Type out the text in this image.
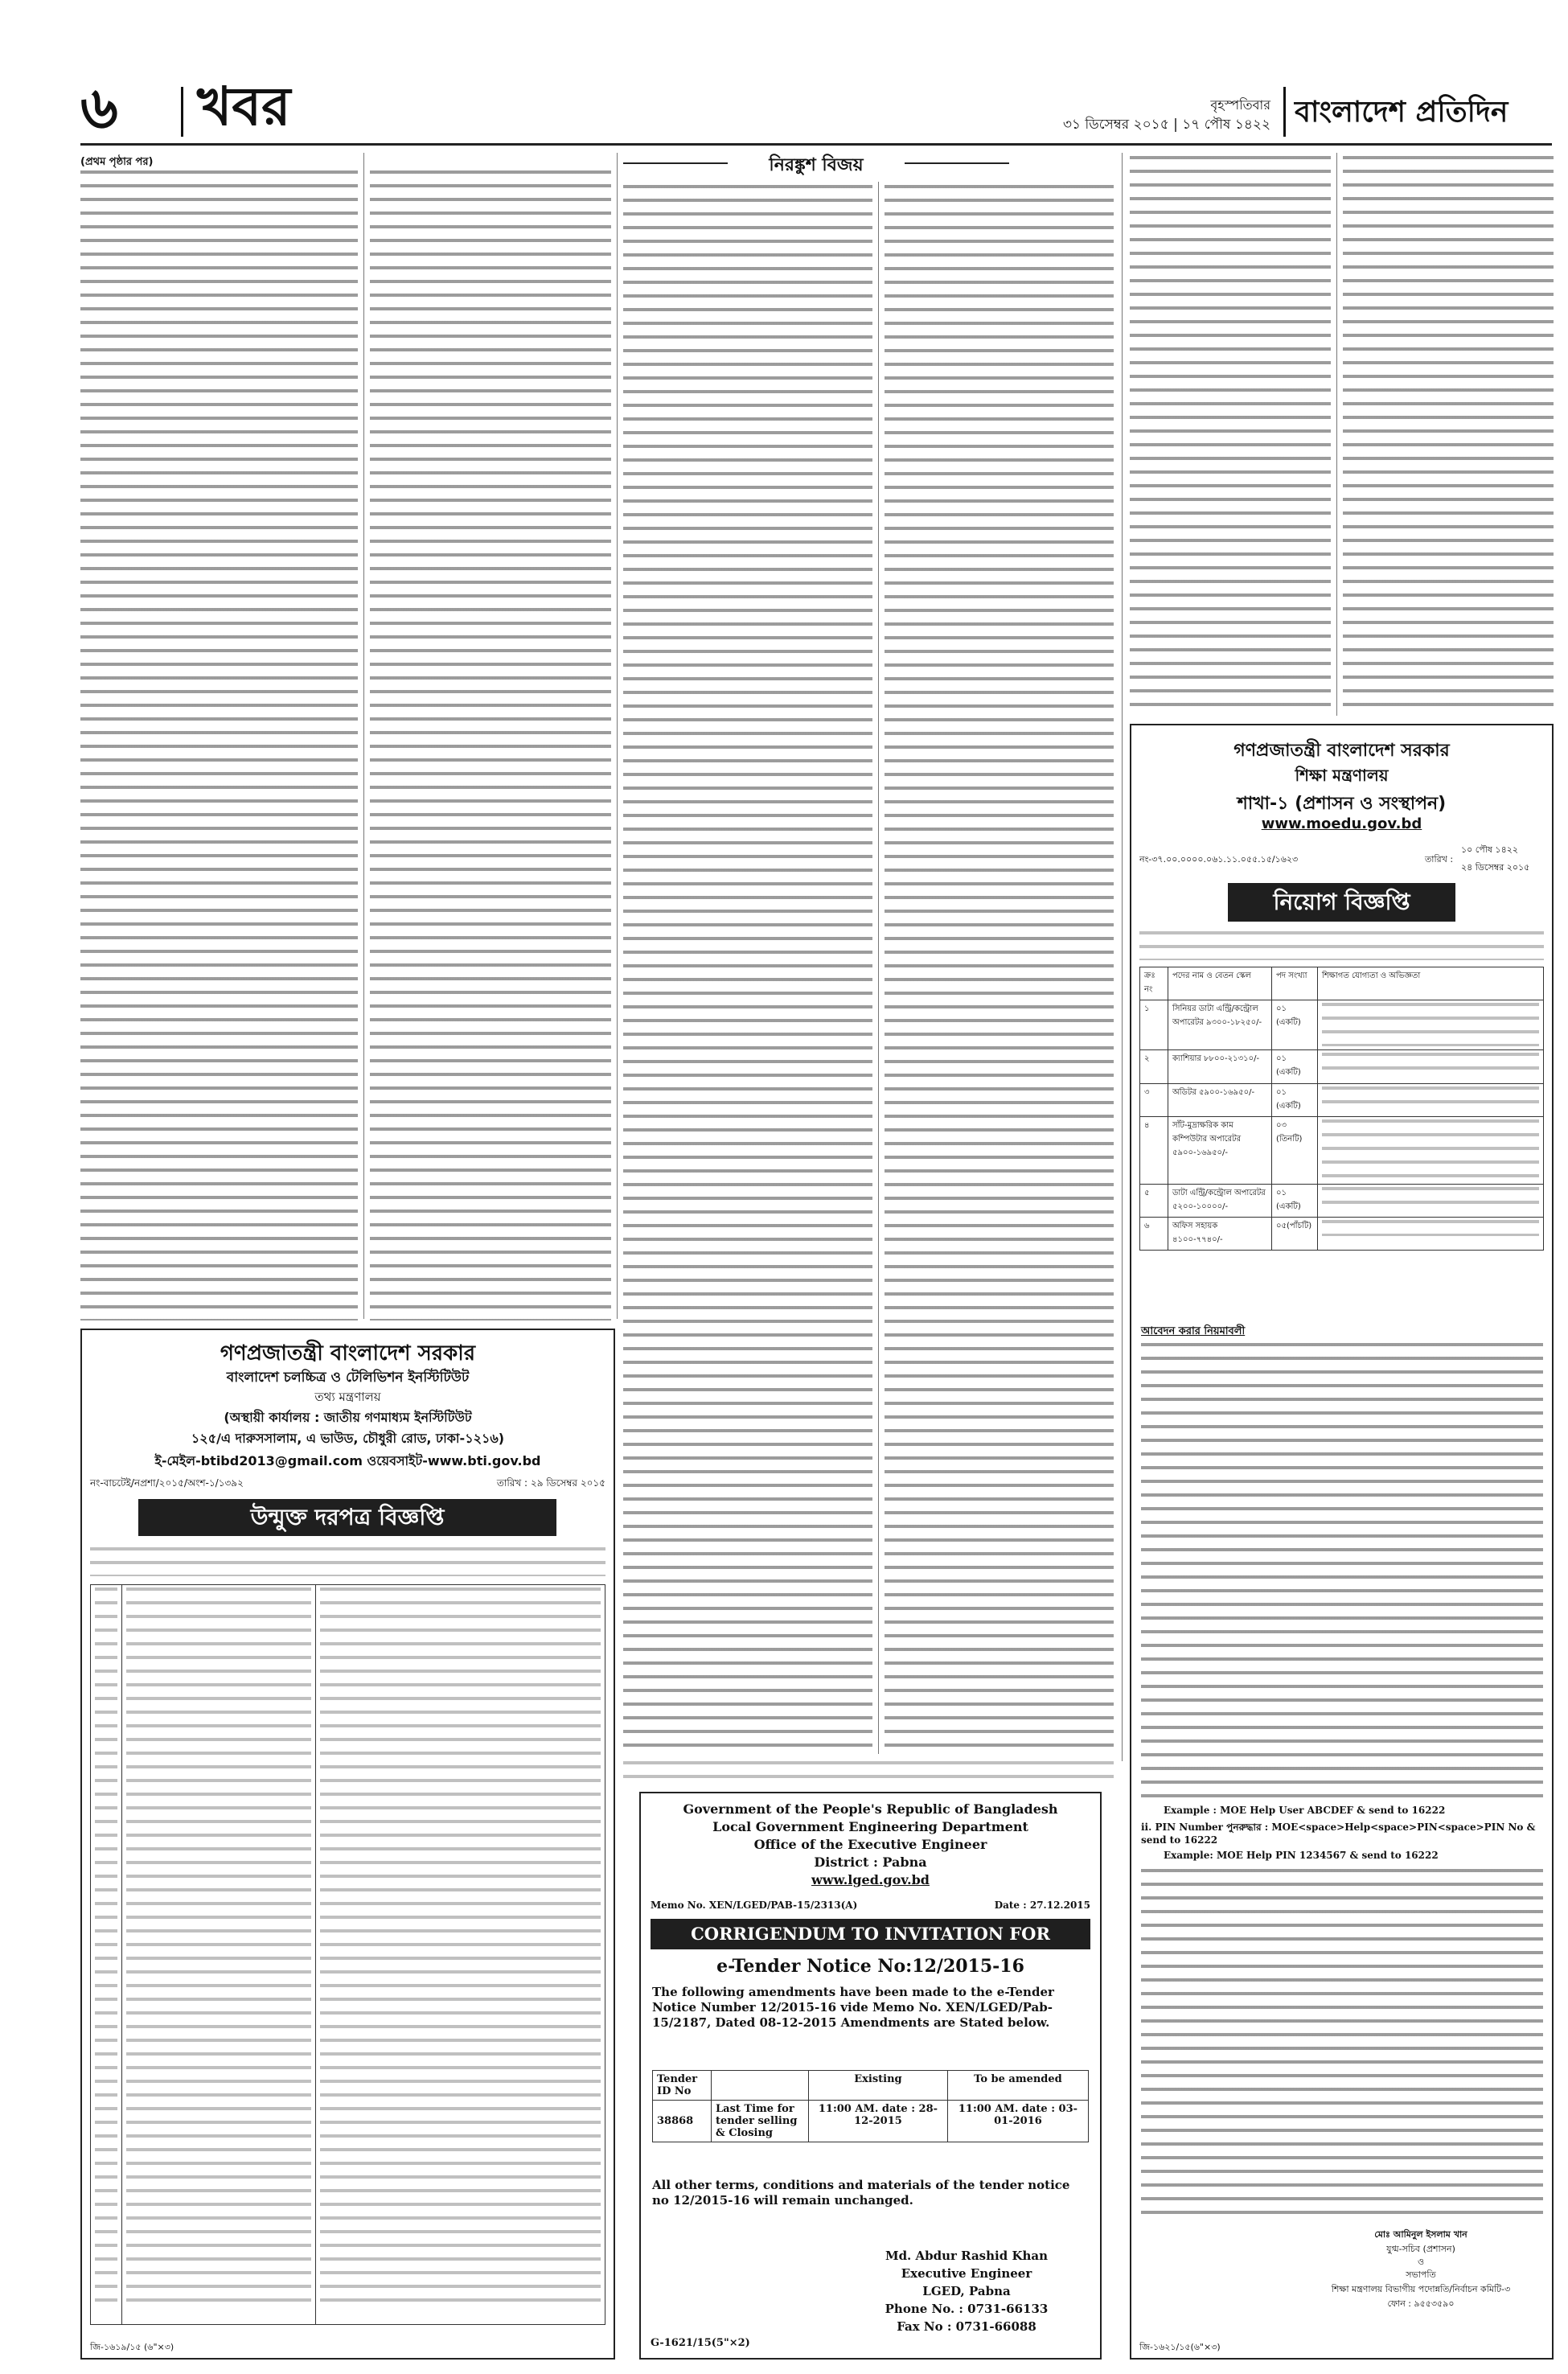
৬ খবর	বৃহস্পতিবার
৩১ ডিসেম্বর ২০১৫ | ১৭ পৌষ ১৪২২ বাংলাদেশ প্রতিদিন
(প্রথম পৃষ্ঠার পর)	নিরঙ্কুশ বিজয়
গণপ্রজাতন্ত্রী বাংলাদেশ সরকার
বাংলাদেশ চলচ্চিত্র ও টেলিভিশন ইনস্টিটিউট
তথ্য মন্ত্রণালয়
(অস্থায়ী কার্যালয় : জাতীয় গণমাধ্যম ইনস্টিটিউট
১২৫/এ দারুসসালাম, এ ভাউড, চৌধুরী রোড, ঢাকা-১২১৬)
ই-মেইল-btibd2013@gmail.com ওয়েবসাইট-www.bti.gov.bd
নং-বাচটেই/নপ্রশা/২০১৫/অংশ-১/১৩৯২	তারিখ : ২৯ ডিসেম্বর ২০১৫
উন্মুক্ত দরপত্র বিজ্ঞপ্তি

জি-১৬১৯/১৫ (৬"×৩)
Government of the People's Republic of Bangladesh
Local Government Engineering Department
Office of the Executive Engineer
District : Pabna
www.lged.gov.bd
Memo No. XEN/LGED/PAB-15/2313(A)	Date : 27.12.2015
CORRIGENDUM TO INVITATION FOR
e-Tender Notice No:12/2015-16
The following amendments have been made to the e-Tender Notice Number 12/2015-16 vide Memo No. XEN/LGED/Pab-15/2187, Dated 08-12-2015 Amendments are Stated below.
Tender ID No		Existing	To be amended
38868	Last Time for tender selling & Closing	11:00 AM. date : 28-12-2015	11:00 AM. date : 03-01-2016
All other terms, conditions and materials of the tender notice no 12/2015-16 will remain unchanged.
Md. Abdur Rashid Khan
Executive Engineer
LGED, Pabna
Phone No. : 0731-66133
Fax No : 0731-66088
G-1621/15(5"×2)
গণপ্রজাতন্ত্রী বাংলাদেশ সরকার
শিক্ষা মন্ত্রণালয়
শাখা-১ (প্রশাসন ও সংস্থাপন)
www.moedu.gov.bd
নং-৩৭.০০.০০০০.০৬১.১১.০৫৫.১৫/১৬২৩	তারিখ :
১০ পৌষ ১৪২২
২৪ ডিসেম্বর ২০১৫
নিয়োগ বিজ্ঞপ্তি
ক্রঃ নং	পদের নাম ও বেতন স্কেল	পদ সংখ্যা	শিক্ষাগত যোগ্যতা ও অভিজ্ঞতা
১	সিনিয়র ডাটা এন্ট্রি/কন্ট্রোল অপারেটর ৯৩০০-১৮২৫০/-	০১ (একটি)	

২	ক্যাশিয়ার ৮৮০০-২১৩১০/-	০১ (একটি)	

৩	অডিটর ৫৯০০-১৬৯৫০/-	০১ (একটি)	

৪	সাঁট-মুদ্রাক্ষরিক কাম কম্পিউটার অপারেটর ৫৯০০-১৬৯৫০/-	০৩ (তিনটি)	

৫	ডাটা এন্ট্রি/কন্ট্রোল অপারেটর ৫২০০-১০০০০/-	০১ (একটি)	

৬	অফিস সহায়ক ৪১০০-৭৭৪০/-	০৫(পাঁচটি)	
আবেদন করার নিয়মাবলী
Example : MOE Help User ABCDEF & send to 16222
ii. PIN Number পুনরুদ্ধার : MOE<space>Help<space>PIN<space>PIN No & send to 16222
Example: MOE Help PIN 1234567 & send to 16222
মোঃ আমিনুল ইসলাম খান
যুগ্ম-সচিব (প্রশাসন)
ও
সভাপতি
শিক্ষা মন্ত্রণালয় বিভাগীয় পদোন্নতি/নির্বাচন কমিটি-৩
ফোন : ৯৫৫৩৫৯০
জি-১৬২১/১৫(৬"×৩)
